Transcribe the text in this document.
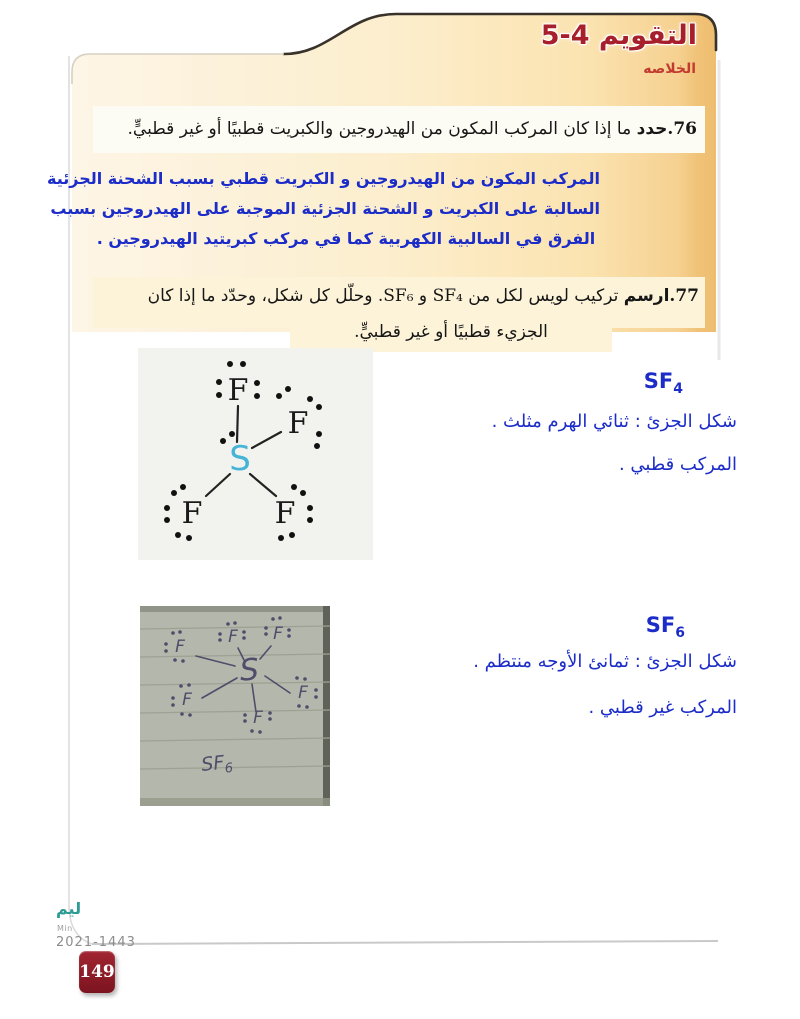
التقويم 4-5
الخلاصه
76.حدد ما إذا كان المركب المكون من الهيدروجين والكبريت قطبيًا أو غير قطبيٍّ.
المركب المكون من الهيدروجين و الكبريت قطبي بسبب الشحنة الجزئية
السالبة على الكبريت و الشحنة الجزئية الموجبة على الهيدروجين بسبب
الفرق في السالبية الكهربية كما في مركب كبريتيد الهيدروجين .
77.ارسم تركيب لويس لكل من SF₄ و SF₆. وحلّل كل شكل، وحدّد ما إذا كان
الجزيء قطبيًا أو غير قطبيٍّ.
F
F
F F
S
$SF_4$
شكل الجزئ : ثنائي الهرم مثلث .
المركب قطبي .
S
F F
F
F	F
F
$SF_6$
$SF_6$
شكل الجزئ : ثمانئ الأوجه منتظم .
المركب غير قطبي .
ليم
Min
2021-1443
149
